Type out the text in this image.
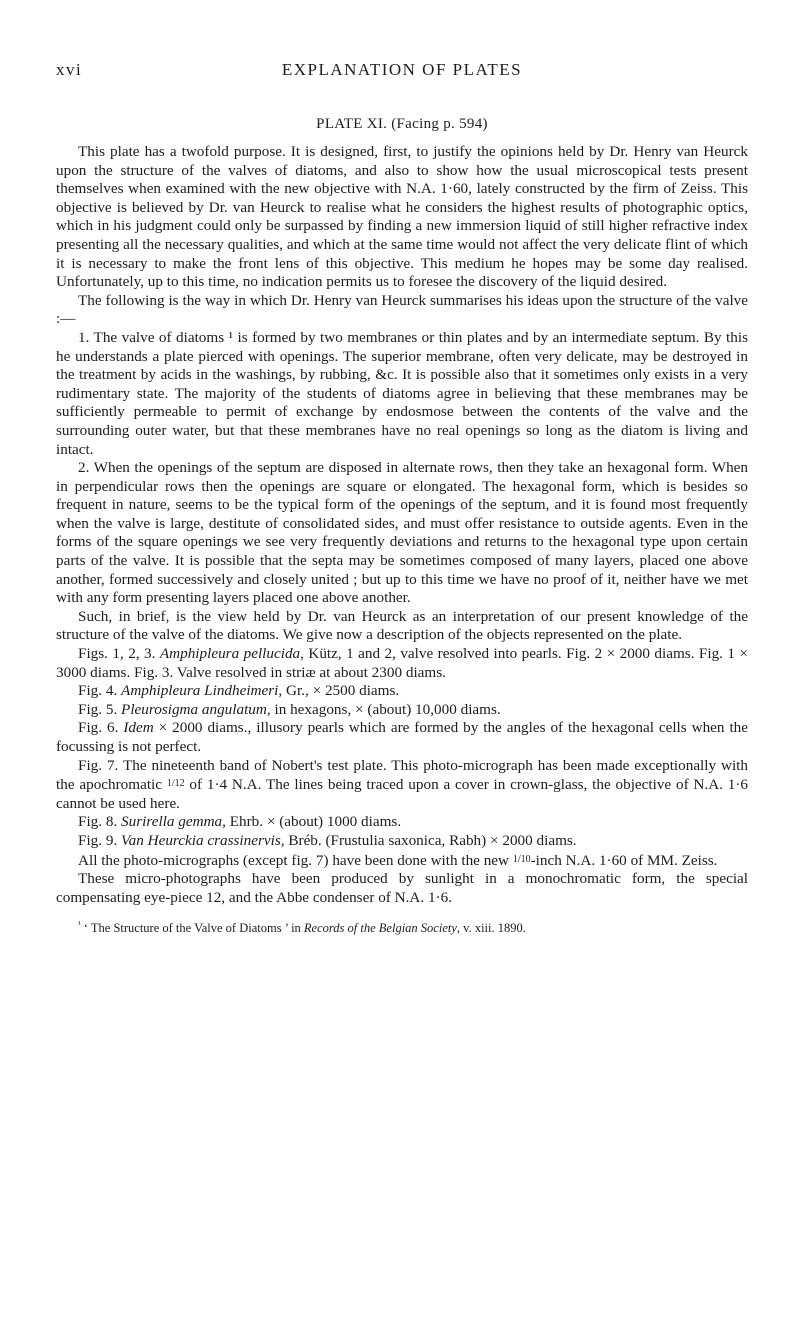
xvi	EXPLANATION OF PLATES
PLATE XI. (Facing p. 594)

This plate has a twofold purpose. It is designed, first, to justify the opinions held by Dr. Henry van Heurck upon the structure of the valves of diatoms, and also to show how the usual microscopical tests present themselves when examined with the new objective with N.A. 1·60, lately constructed by the firm of Zeiss. This objective is believed by Dr. van Heurck to realise what he considers the highest results of photographic optics, which in his judgment could only be surpassed by finding a new immersion liquid of still higher refractive index presenting all the necessary qualities, and which at the same time would not affect the very delicate flint of which it is necessary to make the front lens of this objective. This medium he hopes may be some day realised. Unfortunately, up to this time, no indication permits us to foresee the discovery of the liquid desired.

The following is the way in which Dr. Henry van Heurck summarises his ideas upon the structure of the valve :—

1. The valve of diatoms ¹ is formed by two membranes or thin plates and by an intermediate septum. By this he understands a plate pierced with openings. The superior membrane, often very delicate, may be destroyed in the treatment by acids in the washings, by rubbing, &c. It is possible also that it sometimes only exists in a very rudimentary state. The majority of the students of diatoms agree in believing that these membranes may be sufficiently permeable to permit of exchange by endosmose between the contents of the valve and the surrounding outer water, but that these membranes have no real openings so long as the diatom is living and intact.

2. When the openings of the septum are disposed in alternate rows, then they take an hexagonal form. When in perpendicular rows then the openings are square or elongated. The hexagonal form, which is besides so frequent in nature, seems to be the typical form of the openings of the septum, and it is found most frequently when the valve is large, destitute of consolidated sides, and must offer resistance to outside agents. Even in the forms of the square openings we see very frequently deviations and returns to the hexagonal type upon certain parts of the valve. It is possible that the septa may be sometimes composed of many layers, placed one above another, formed successively and closely united ; but up to this time we have no proof of it, neither have we met with any form presenting layers placed one above another.

Such, in brief, is the view held by Dr. van Heurck as an interpretation of our present knowledge of the structure of the valve of the diatoms. We give now a description of the objects represented on the plate.

Figs. 1, 2, 3. Amphipleura pellucida, Kütz, 1 and 2, valve resolved into pearls. Fig. 2 × 2000 diams. Fig. 1 × 3000 diams. Fig. 3. Valve resolved in striæ at about 2300 diams.

Fig. 4. Amphipleura Lindheimeri, Gr., × 2500 diams.

Fig. 5. Pleurosigma angulatum, in hexagons, × (about) 10,000 diams.

Fig. 6. Idem × 2000 diams., illusory pearls which are formed by the angles of the hexagonal cells when the focussing is not perfect.

Fig. 7. The nineteenth band of Nobert's test plate. This photo-micrograph has been made exceptionally with the apochromatic 1/12 of 1·4 N.A. The lines being traced upon a cover in crown-glass, the objective of N.A. 1·6 cannot be used here.

Fig. 8. Surirella gemma, Ehrb. × (about) 1000 diams.

Fig. 9. Van Heurckia crassinervis, Bréb. (Frustulia saxonica, Rabh) × 2000 diams.

All the photo-micrographs (except fig. 7) have been done with the new 1/10-inch N.A. 1·60 of MM. Zeiss.

These micro-photographs have been produced by sunlight in a monochromatic form, the special compensating eye-piece 12, and the Abbe condenser of N.A. 1·6.

$^{^1}$ ‘ The Structure of the Valve of Diatoms ’ in Records of the Belgian Society, v. xiii. 1890.
